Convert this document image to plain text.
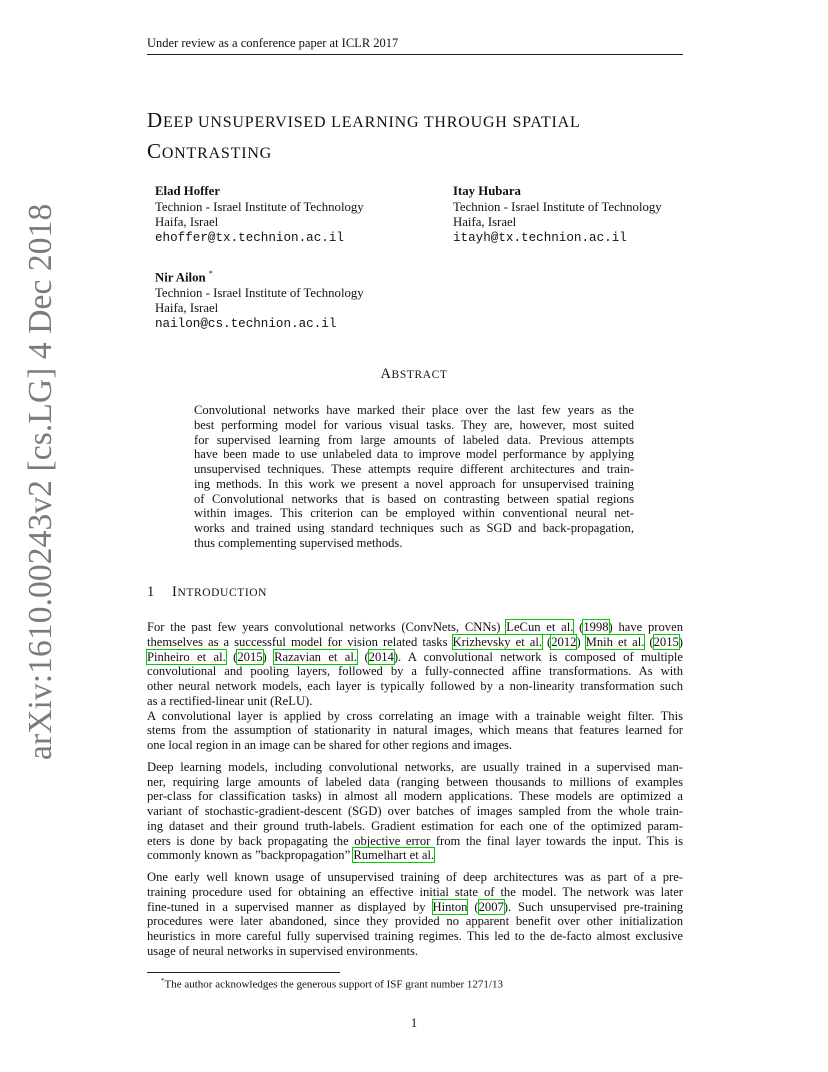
Under review as a conference paper at ICLR 2017
arXiv:1610.00243v2 [cs.LG] 4 Dec 2018
DEEP UNSUPERVISED LEARNING THROUGH SPATIAL
CONTRASTING
Elad Hoffer
Technion - Israel Institute of Technology
Haifa, Israel
ehoffer@tx.technion.ac.il
Itay Hubara
Technion - Israel Institute of Technology
Haifa, Israel
itayh@tx.technion.ac.il
Nir Ailon *
Technion - Israel Institute of Technology
Haifa, Israel
nailon@cs.technion.ac.il
ABSTRACT
Convolutional networks have marked their place over the last few years as the
best performing model for various visual tasks. They are, however, most suited
for supervised learning from large amounts of labeled data. Previous attempts
have been made to use unlabeled data to improve model performance by applying
unsupervised techniques. These attempts require different architectures and train-
ing methods. In this work we present a novel approach for unsupervised training
of Convolutional networks that is based on contrasting between spatial regions
within images. This criterion can be employed within conventional neural net-
works and trained using standard techniques such as SGD and back-propagation,
thus complementing supervised methods.
1 INTRODUCTION
For the past few years convolutional networks (ConvNets, CNNs) LeCun et al. (1998) have proven
themselves as a successful model for vision related tasks Krizhevsky et al. (2012) Mnih et al. (2015)
Pinheiro et al. (2015) Razavian et al. (2014). A convolutional network is composed of multiple
convolutional and pooling layers, followed by a fully-connected affine transformations. As with
other neural network models, each layer is typically followed by a non-linearity transformation such
as a rectified-linear unit (ReLU).
A convolutional layer is applied by cross correlating an image with a trainable weight filter. This
stems from the assumption of stationarity in natural images, which means that features learned for
one local region in an image can be shared for other regions and images.
Deep learning models, including convolutional networks, are usually trained in a supervised man-
ner, requiring large amounts of labeled data (ranging between thousands to millions of examples
per-class for classification tasks) in almost all modern applications. These models are optimized a
variant of stochastic-gradient-descent (SGD) over batches of images sampled from the whole train-
ing dataset and their ground truth-labels. Gradient estimation for each one of the optimized param-
eters is done by back propagating the objective error from the final layer towards the input. This is
commonly known as ”backpropagation” Rumelhart et al.
One early well known usage of unsupervised training of deep architectures was as part of a pre-
training procedure used for obtaining an effective initial state of the model. The network was later
fine-tuned in a supervised manner as displayed by Hinton (2007). Such unsupervised pre-training
procedures were later abandoned, since they provided no apparent benefit over other initialization
heuristics in more careful fully supervised training regimes. This led to the de-facto almost exclusive
usage of neural networks in supervised environments.
*The author acknowledges the generous support of ISF grant number 1271/13
1
